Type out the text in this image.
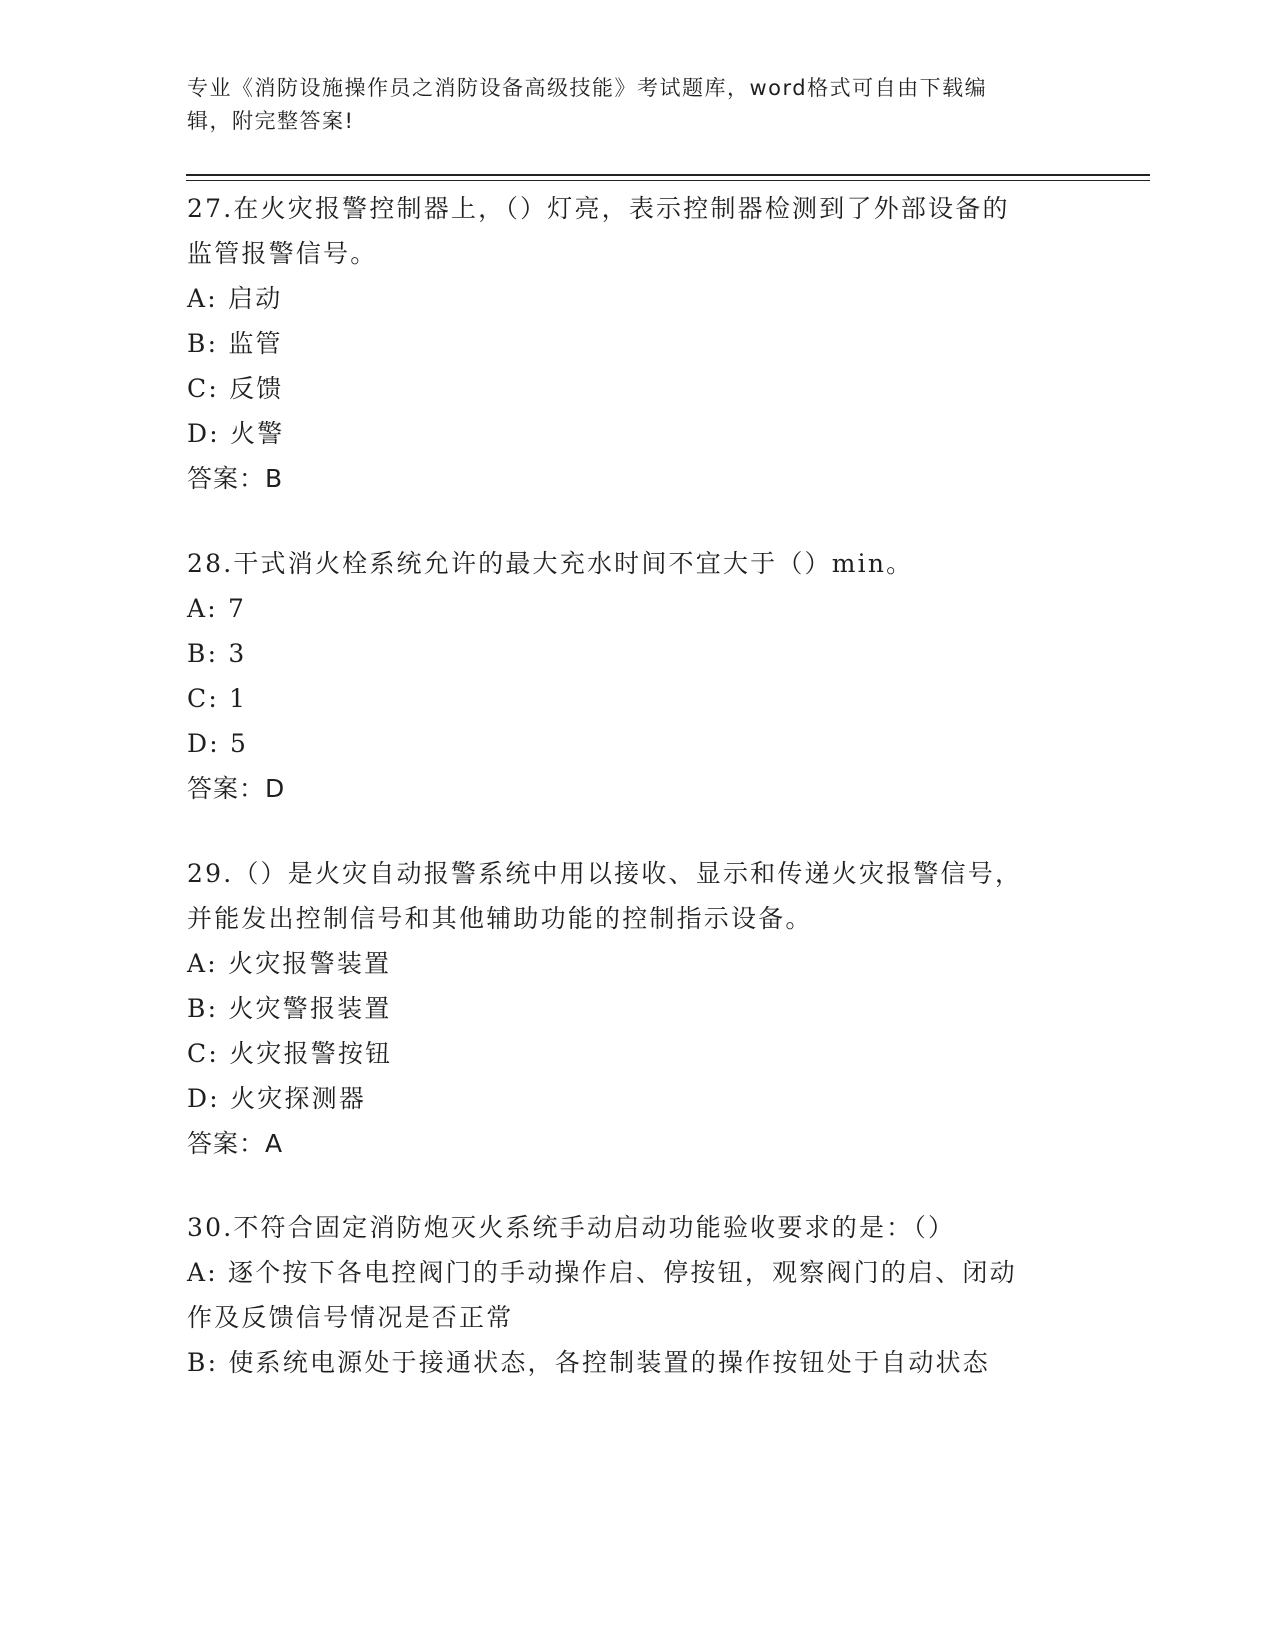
专业《消防设施操作员之消防设备高级技能》考试题库，word格式可自由下载编
辑，附完整答案!
27.在火灾报警控制器上，（）灯亮，表示控制器检测到了外部设备的
监管报警信号。
A: 启动
B: 监管
C: 反馈
D: 火警
答案：B
28.干式消火栓系统允许的最大充水时间不宜大于（）min。
A: 7
B: 3
C: 1
D: 5
答案：D
29.（）是火灾自动报警系统中用以接收、显示和传递火灾报警信号，
并能发出控制信号和其他辅助功能的控制指示设备。
A: 火灾报警装置
B: 火灾警报装置
C: 火灾报警按钮
D: 火灾探测器
答案：A
30.不符合固定消防炮灭火系统手动启动功能验收要求的是：（）
A: 逐个按下各电控阀门的手动操作启、停按钮，观察阀门的启、闭动
作及反馈信号情况是否正常
B: 使系统电源处于接通状态，各控制装置的操作按钮处于自动状态
